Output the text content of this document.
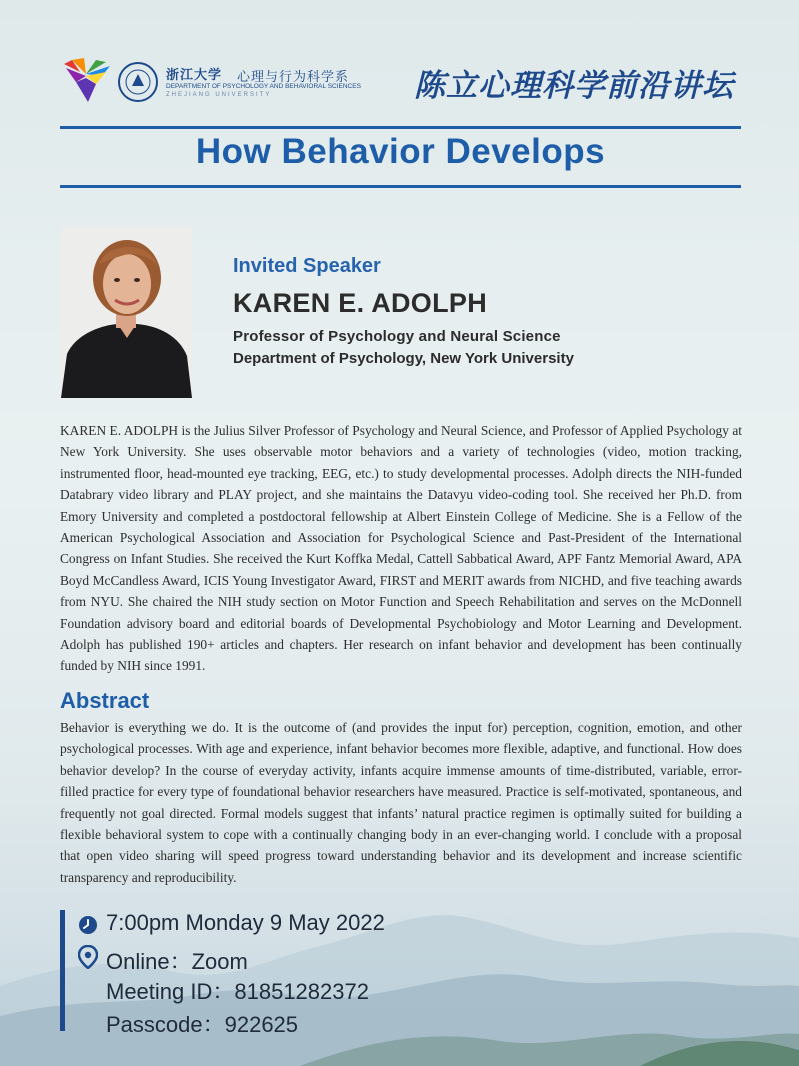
浙江大学 心理与行为科学系
DEPARTMENT OF PSYCHOLOGY AND BEHAVIORAL SCIENCES
ZHEJIANG UNIVERSITY	陈立心理科学前沿讲坛
How Behavior Develops
Invited Speaker
KAREN E. ADOLPH
Professor of Psychology and Neural Science
Department of Psychology, New York University

KAREN E. ADOLPH is the Julius Silver Professor of Psychology and Neural Science, and Professor of Applied Psychology at New York University. She uses observable motor behaviors and a variety of technologies (video, motion tracking, instrumented floor, head-mounted eye tracking, EEG, etc.) to study developmental processes. Adolph directs the NIH-funded Databrary video library and PLAY project, and she maintains the Datavyu video-coding tool. She received her Ph.D. from Emory University and completed a postdoctoral fellowship at Albert Einstein College of Medicine. She is a Fellow of the American Psychological Association and Association for Psychological Science and Past-President of the International Congress on Infant Studies. She received the Kurt Koffka Medal, Cattell Sabbatical Award, APF Fantz Memorial Award, APA Boyd McCandless Award, ICIS Young Investigator Award, FIRST and MERIT awards from NICHD, and five teaching awards from NYU. She chaired the NIH study section on Motor Function and Speech Rehabilitation and serves on the McDonnell Foundation advisory board and editorial boards of Developmental Psychobiology and Motor Learning and Development. Adolph has published 190+ articles and chapters. Her research on infant behavior and development has been continually funded by NIH since 1991.

Abstract

Behavior is everything we do. It is the outcome of (and provides the input for) perception, cognition, emotion, and other psychological processes. With age and experience, infant behavior becomes more flexible, adaptive, and functional. How does behavior develop? In the course of everyday activity, infants acquire immense amounts of time-distributed, variable, error-filled practice for every type of foundational behavior researchers have measured. Practice is self-motivated, spontaneous, and frequently not goal directed. Formal models suggest that infants’ natural practice regimen is optimally suited for building a flexible behavioral system to cope with a continually changing body in an ever-changing world. I conclude with a proposal that open video sharing will speed progress toward understanding behavior and its development and increase scientific transparency and reproducibility.

7:00pm Monday 9 May 2022
Online：Zoom
Meeting ID：81851282372
Passcode：922625
